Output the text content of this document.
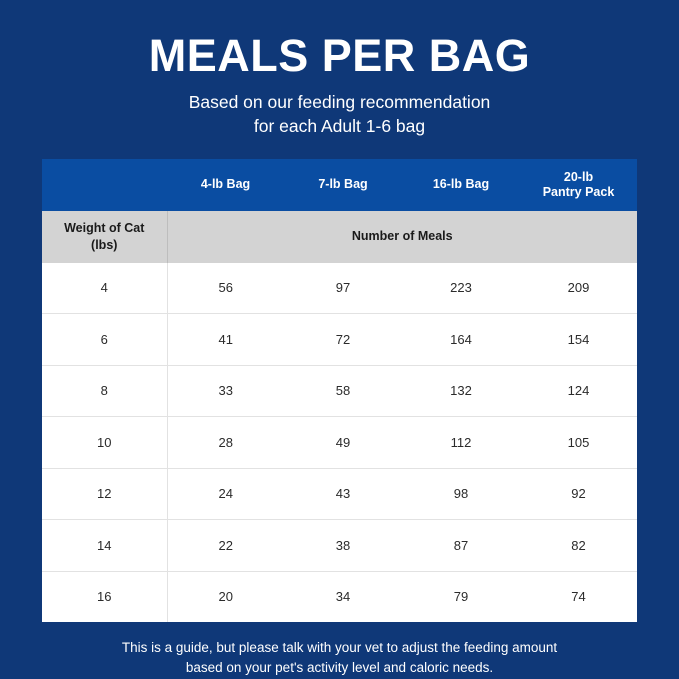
MEALS PER BAG
Based on our feeding recommendation
for each Adult 1-6 bag
	4-lb Bag	7-lb Bag	16-lb Bag	20-lb
Pantry Pack

Weight of Cat
(lbs)	Number of Meals			
4	56	97	223	209
6	41	72	164	154
8	33	58	132	124
10	28	49	112	105
12	24	43	98	92
14	22	38	87	82
16	20	34	79	74
This is a guide, but please talk with your vet to adjust the feeding amount
based on your pet's activity level and caloric needs.
